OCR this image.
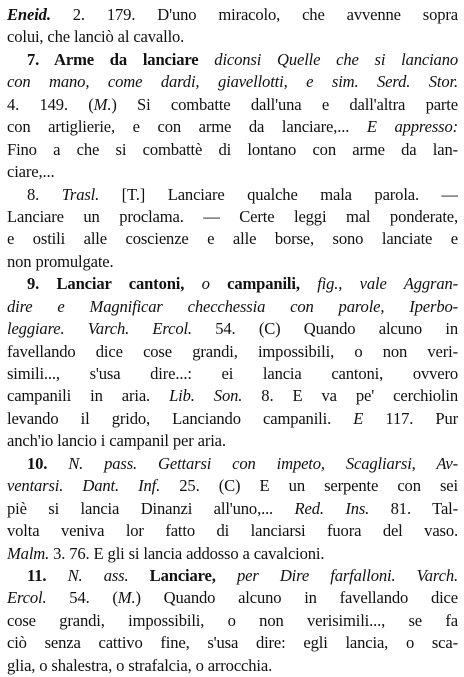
Eneid. 2. 179. D'uno miracolo, che avvenne sopra
colui, che lanciò al cavallo.
7. Arme da lanciare diconsi Quelle che si lanciano
con mano, come dardi, giavellotti, e sim. Serd. Stor.
4. 149. (M.) Si combatte dall'una e dall'altra parte
con artiglierie, e con arme da lanciare,... E appresso:
Fino a che si combattè di lontano con arme da lan-
ciare,...
8. Trasl. [T.] Lanciare qualche mala parola. —
Lanciare un proclama. — Certe leggi mal ponderate,
e ostili alle coscienze e alle borse, sono lanciate e
non promulgate.
9. Lanciar cantoni, o campanili, fig., vale Aggran-
dire e Magnificar checchessia con parole, Iperbo-
leggiare. Varch. Ercol. 54. (C) Quando alcuno in
favellando dice cose grandi, impossibili, o non veri-
simili..., s'usa dire...: ei lancia cantoni, ovvero
campanili in aria. Lib. Son. 8. E va pe' cerchiolin
levando il grido, Lanciando campanili. E 117. Pur
anch'io lancio i campanil per aria.
10. N. pass. Gettarsi con impeto, Scagliarsi, Av-
ventarsi. Dant. Inf. 25. (C) E un serpente con sei
piè si lancia Dinanzi all'uno,... Red. Ins. 81. Tal-
volta veniva lor fatto di lanciarsi fuora del vaso.
Malm. 3. 76. E gli si lancia addosso a cavalcioni.
11. N. ass. Lanciare, per Dire farfalloni. Varch.
Ercol. 54. (M.) Quando alcuno in favellando dice
cose grandi, impossibili, o non verisimili..., se fa
ciò senza cattivo fine, s'usa dire: egli lancia, o sca-
glia, o shalestra, o strafalcia, o arrocchia.
